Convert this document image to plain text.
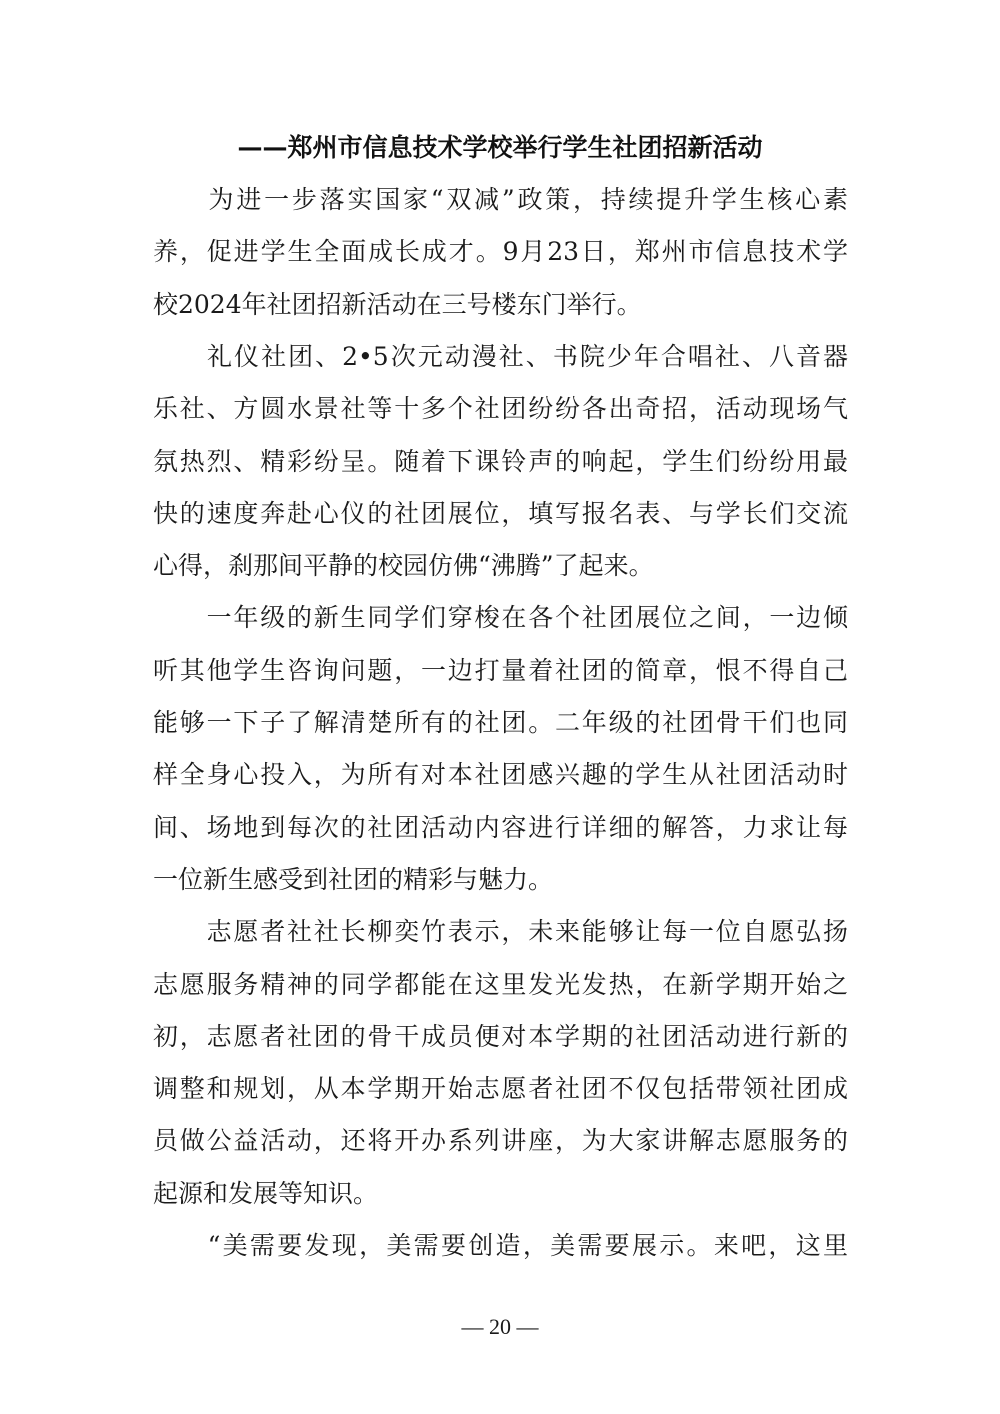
——郑州市信息技术学校举行学生社团招新活动
　　为进一步落实国家“双减”政策，持续提升学生核心素
养，促进学生全面成长成才。9月23日，郑州市信息技术学
校2024年社团招新活动在三号楼东门举行。
　　礼仪社团、2•5次元动漫社、书院少年合唱社、八音器
乐社、方圆水景社等十多个社团纷纷各出奇招，活动现场气
氛热烈、精彩纷呈。随着下课铃声的响起，学生们纷纷用最
快的速度奔赴心仪的社团展位，填写报名表、与学长们交流
心得，刹那间平静的校园仿佛“沸腾”了起来。
　　一年级的新生同学们穿梭在各个社团展位之间，一边倾
听其他学生咨询问题，一边打量着社团的简章，恨不得自己
能够一下子了解清楚所有的社团。二年级的社团骨干们也同
样全身心投入，为所有对本社团感兴趣的学生从社团活动时
间、场地到每次的社团活动内容进行详细的解答，力求让每
一位新生感受到社团的精彩与魅力。
　　志愿者社社长柳奕竹表示，未来能够让每一位自愿弘扬
志愿服务精神的同学都能在这里发光发热，在新学期开始之
初，志愿者社团的骨干成员便对本学期的社团活动进行新的
调整和规划，从本学期开始志愿者社团不仅包括带领社团成
员做公益活动，还将开办系列讲座，为大家讲解志愿服务的
起源和发展等知识。
　　“美需要发现，美需要创造，美需要展示。来吧，这里
— 20 —
